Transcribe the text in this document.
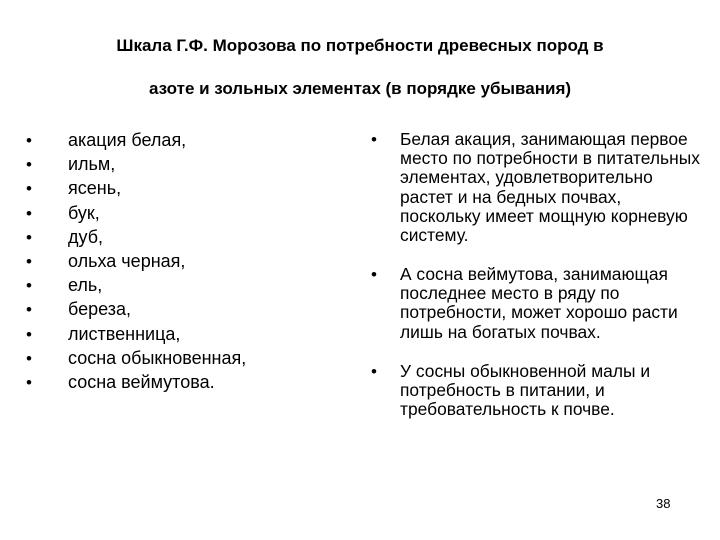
Шкала Г.Ф. Морозова по потребности древесных пород в
азоте и зольных элементах (в порядке убывания)
• акация белая,
• ильм,
• ясень,
• бук,
• дуб,
• ольха черная,
• ель,
• береза,
• лиственница,
• сосна обыкновенная,
• сосна веймутова.
• Белая акация, занимающая первое место по потребности в питательных элементах, удовлетворительно растет и на бедных почвах, поскольку имеет мощную корневую систему.
• А сосна веймутова, занимающая последнее место в ряду по потребности, может хорошо расти лишь на богатых почвах.
• У сосны обыкновенной малы и потребность в питании, и требовательность к почве.
38
